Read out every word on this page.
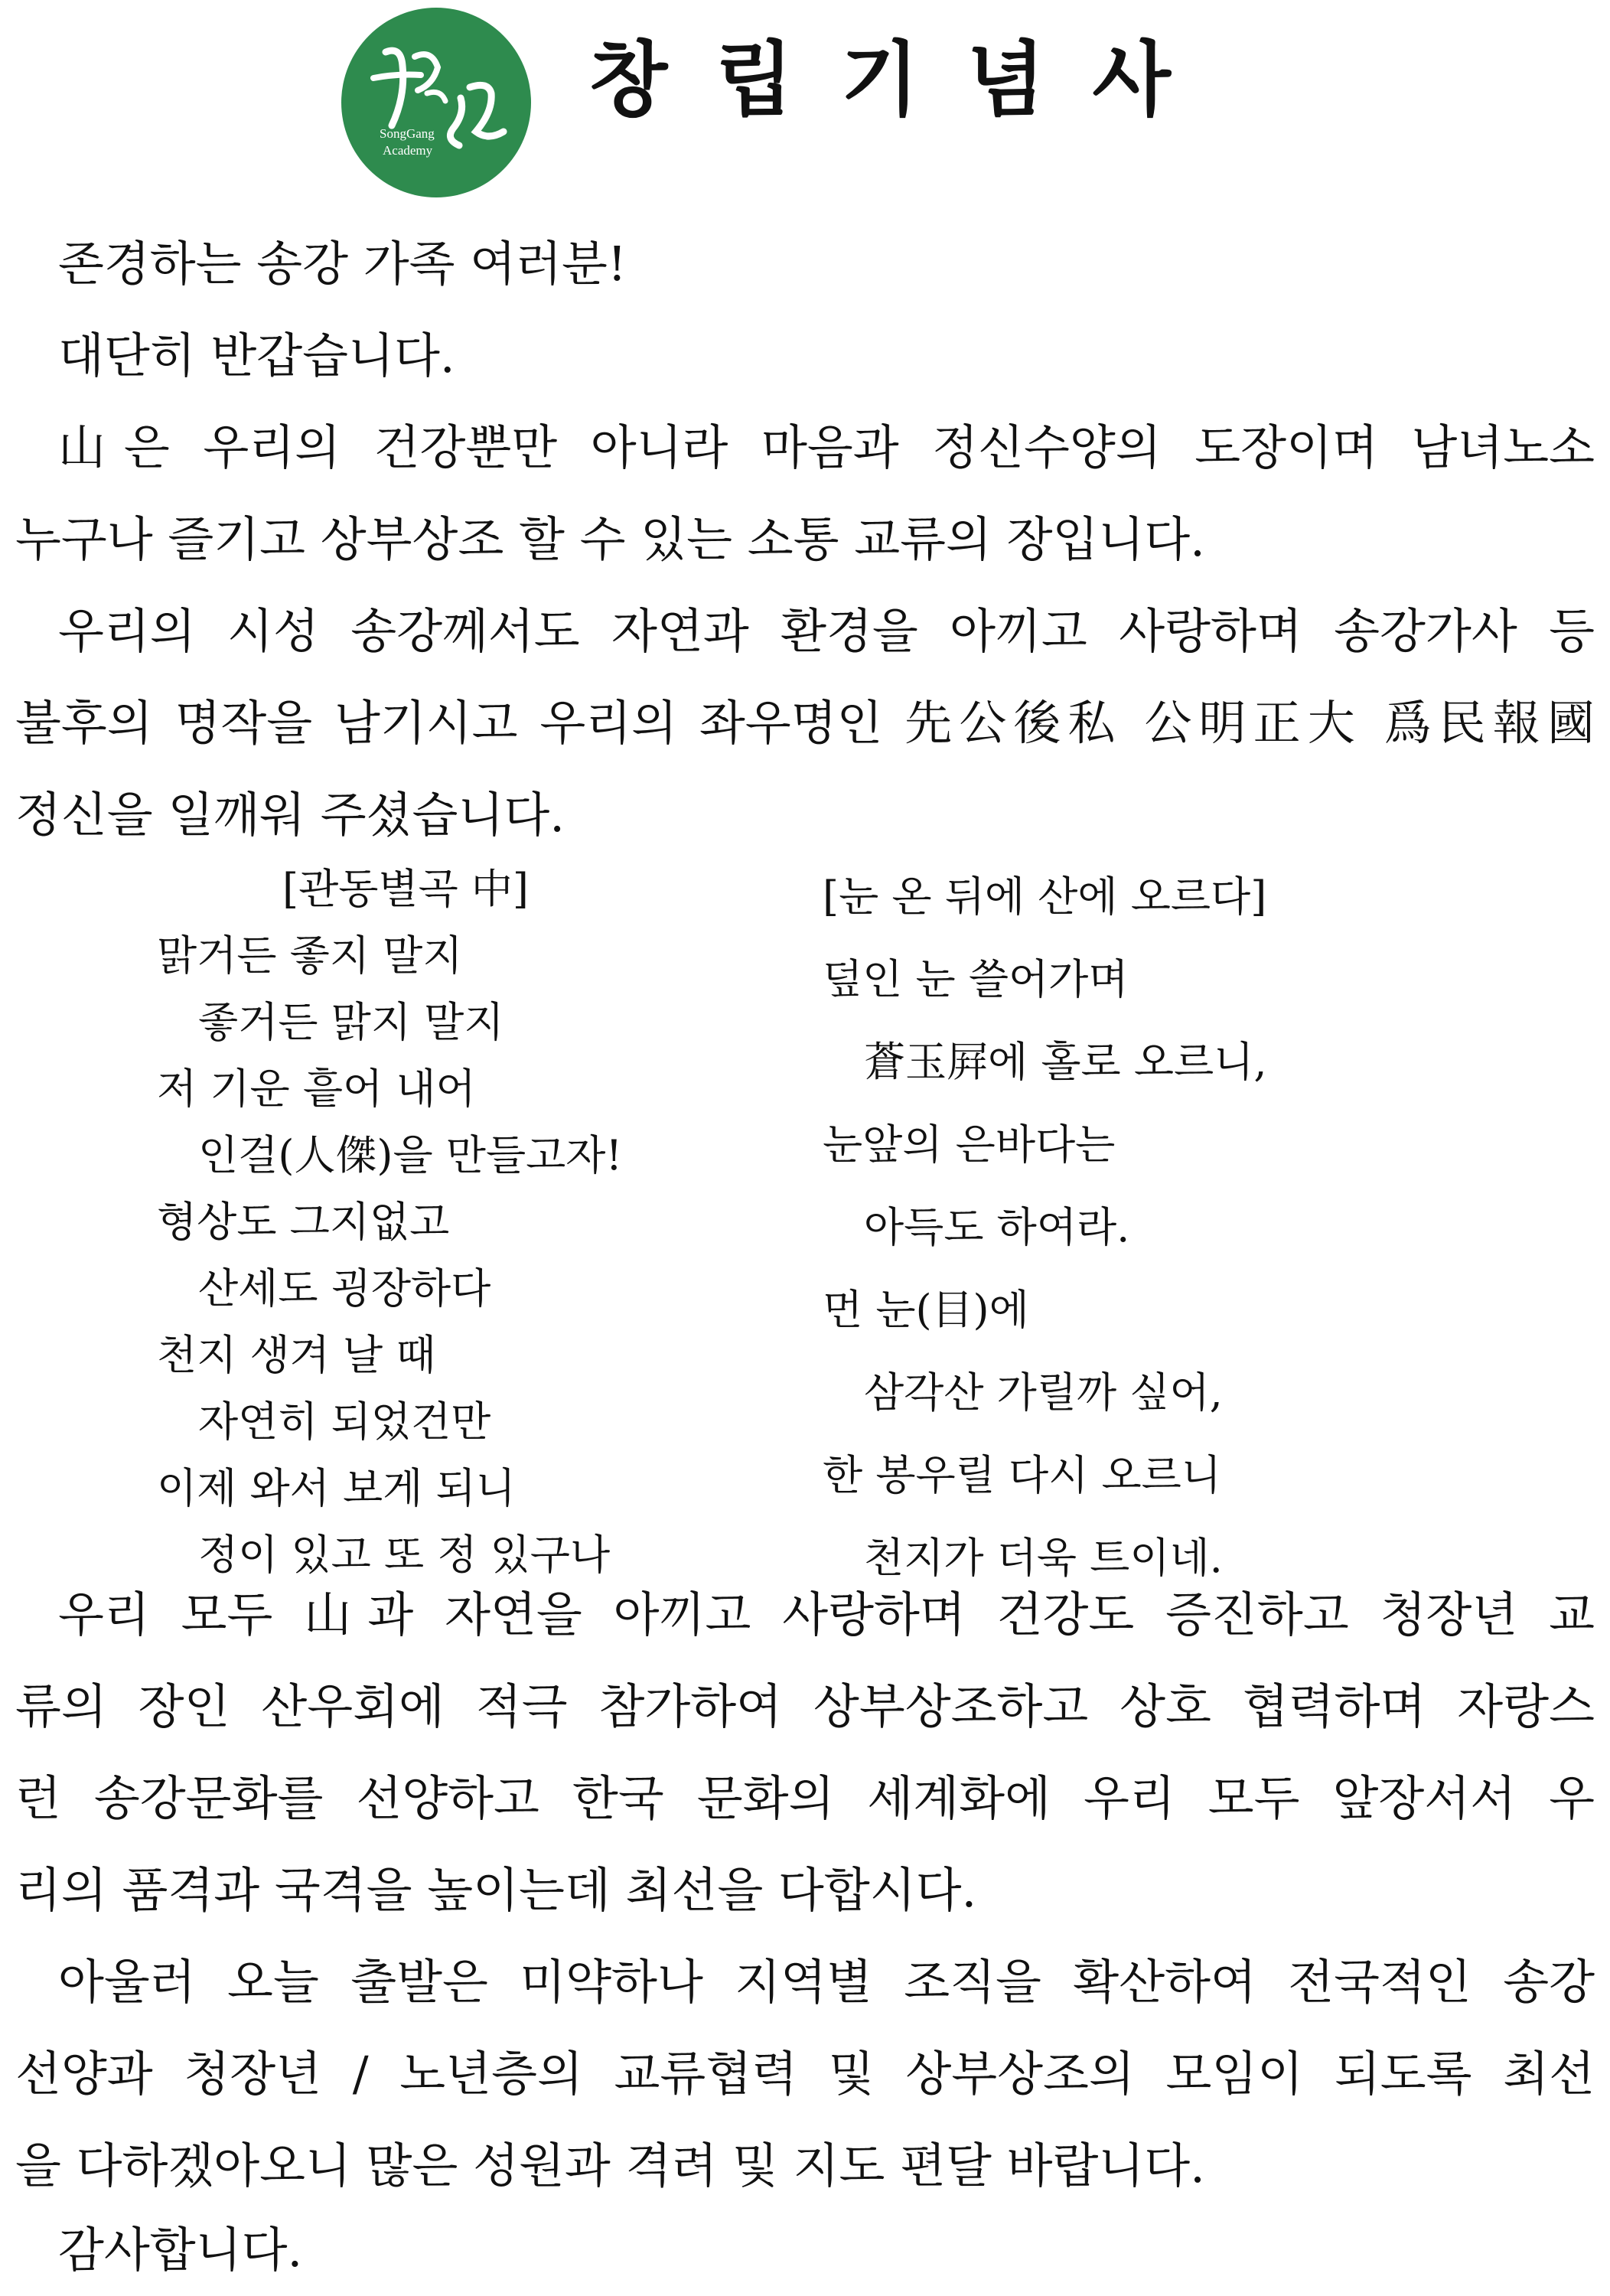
SongGang
Academy
창립기념사
존경하는 송강 가족 여러분!
대단히 반갑습니다.
山은 우리의 건강뿐만 아니라 마음과 정신수양의 도장이며 남녀노소
누구나 즐기고 상부상조 할 수 있는 소통 교류의 장입니다.
우리의 시성 송강께서도 자연과 환경을 아끼고 사랑하며 송강가사 등
불후의 명작을 남기시고 우리의 좌우명인 先公後私 公明正大 爲民報國
정신을 일깨워 주셨습니다.
[관동별곡 中]
맑거든 좋지 말지
좋거든 맑지 말지
저 기운 흩어 내어
인걸(人傑)을 만들고자!
형상도 그지없고
산세도 굉장하다
천지 생겨 날 때
자연히 되었건만
이제 와서 보게 되니
정이 있고 또 정 있구나
[눈 온 뒤에 산에 오르다]
덮인 눈 쓸어가며
蒼玉屛에 홀로 오르니,
눈앞의 은바다는
아득도 하여라.
먼 눈(目)에
삼각산 가릴까 싶어,
한 봉우릴 다시 오르니
천지가 더욱 트이네.
우리 모두 山과 자연을 아끼고 사랑하며 건강도 증진하고 청장년 교
류의 장인 산우회에 적극 참가하여 상부상조하고 상호 협력하며 자랑스
런 송강문화를 선양하고 한국 문화의 세계화에 우리 모두 앞장서서 우
리의 품격과 국격을 높이는데 최선을 다합시다.
아울러 오늘 출발은 미약하나 지역별 조직을 확산하여 전국적인 송강
선양과 청장년 / 노년층의 교류협력 및 상부상조의 모임이 되도록 최선
을 다하겠아오니 많은 성원과 격려 및 지도 편달 바랍니다.
감사합니다.
